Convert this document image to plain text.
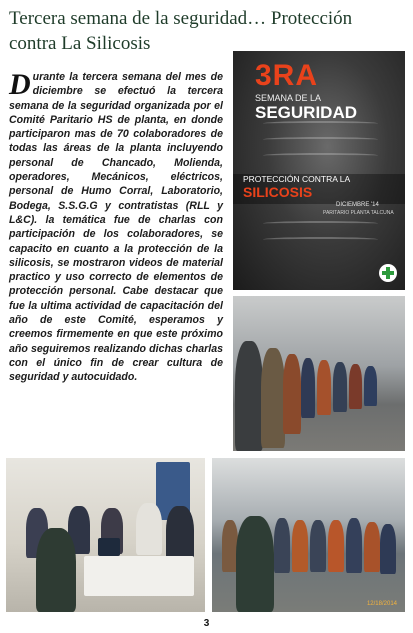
Tercera semana de la seguridad… Protección contra La Silicosis
Durante la tercera semana del mes de diciembre se efectuó la tercera semana de la seguridad organizada por el Comité Paritario HS de planta, en donde participaron mas de 70 colaboradores de todas las áreas de la planta incluyendo personal de Chancado, Molienda, operadores, Mecánicos, eléctricos, personal de Humo Corral, Laboratorio, Bodega, S.S.G.G y contratistas (RLL y L&C). la temática fue de charlas con participación de los colaboradores, se capacito en cuanto a la protección de la silicosis, se mostraron videos de material practico y uso correcto de elementos de protección personal. Cabe destacar que fue la ultima actividad de capacitación del año de este Comité, esperamos y creemos firmemente en que este próximo año seguiremos realizando dichas charlas con el único fin de crear cultura de seguridad y autocuidado.
3RA
SEMANA DE LA
SEGURIDAD
PROTECCIÓN CONTRA LA
SILICOSIS
DICIEMBRE '14
PARITARIO PLANTA TALCUNA
12/18/2014
3
